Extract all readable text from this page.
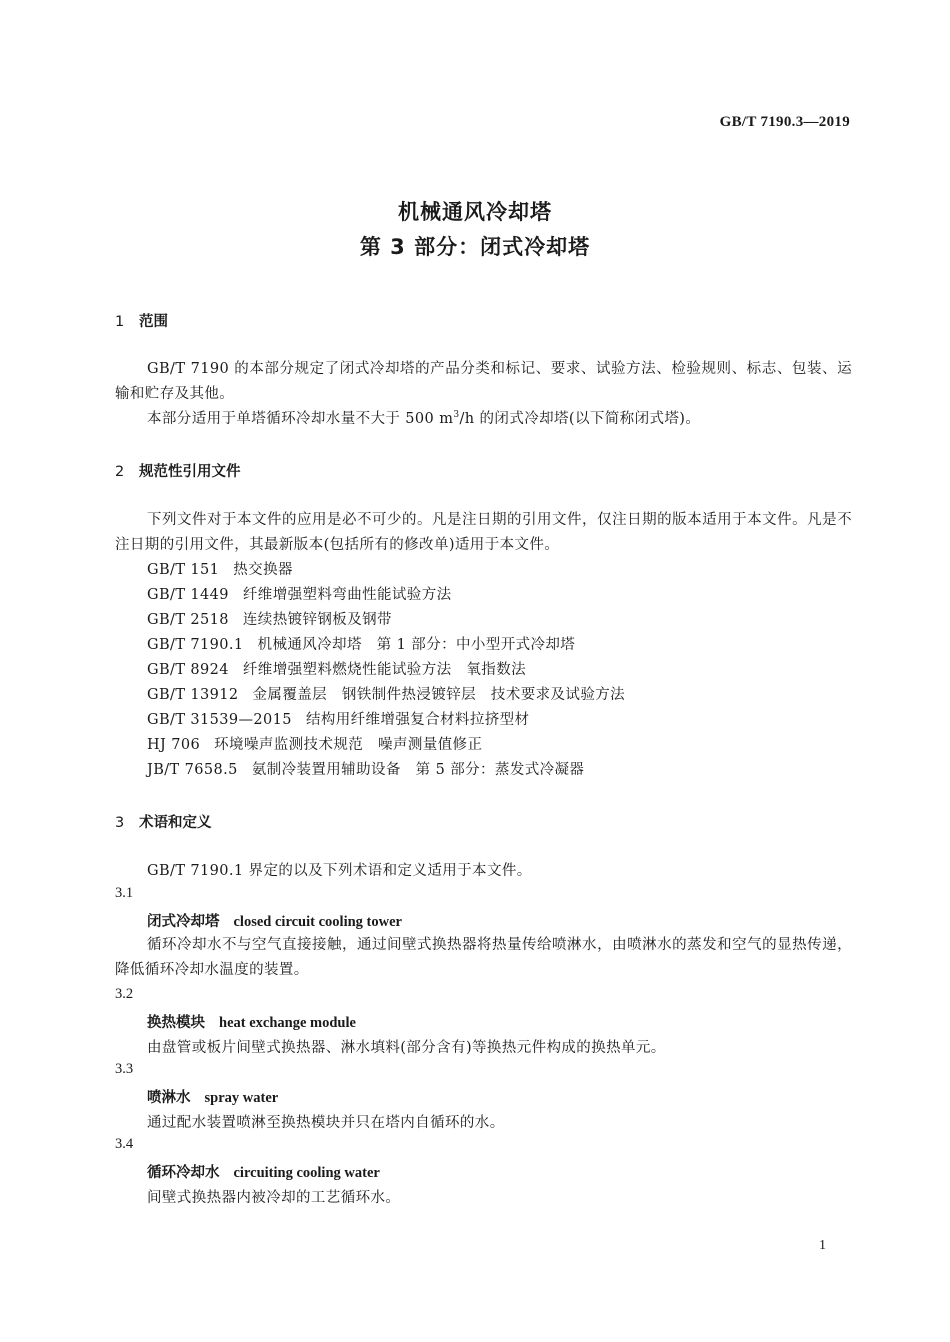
GB/T 7190.3—2019
机械通风冷却塔
第 3 部分：闭式冷却塔
1 范围
GB/T 7190 的本部分规定了闭式冷却塔的产品分类和标记、要求、试验方法、检验规则、标志、包装、运输和贮存及其他。
本部分适用于单塔循环冷却水量不大于 500 $m^3/h$ 的闭式冷却塔(以下简称闭式塔)。
2 规范性引用文件
下列文件对于本文件的应用是必不可少的。凡是注日期的引用文件，仅注日期的版本适用于本文件。凡是不注日期的引用文件，其最新版本(包括所有的修改单)适用于本文件。
GB/T 151 热交换器
GB/T 1449 纤维增强塑料弯曲性能试验方法
GB/T 2518 连续热镀锌钢板及钢带
GB/T 7190.1 机械通风冷却塔　第 1 部分：中小型开式冷却塔
GB/T 8924 纤维增强塑料燃烧性能试验方法　氧指数法
GB/T 13912 金属覆盖层　钢铁制件热浸镀锌层　技术要求及试验方法
GB/T 31539—2015 结构用纤维增强复合材料拉挤型材
HJ 706 环境噪声监测技术规范　噪声测量值修正
JB/T 7658.5 氨制冷装置用辅助设备　第 5 部分：蒸发式冷凝器
3 术语和定义
GB/T 7190.1 界定的以及下列术语和定义适用于本文件。
3.1
闭式冷却塔 closed circuit cooling tower
循环冷却水不与空气直接接触，通过间壁式换热器将热量传给喷淋水，由喷淋水的蒸发和空气的显热传递，降低循环冷却水温度的装置。
3.2
换热模块 heat exchange module
由盘管或板片间壁式换热器、淋水填料(部分含有)等换热元件构成的换热单元。
3.3
喷淋水 spray water
通过配水装置喷淋至换热模块并只在塔内自循环的水。
3.4
循环冷却水 circuiting cooling water
间壁式换热器内被冷却的工艺循环水。
1
